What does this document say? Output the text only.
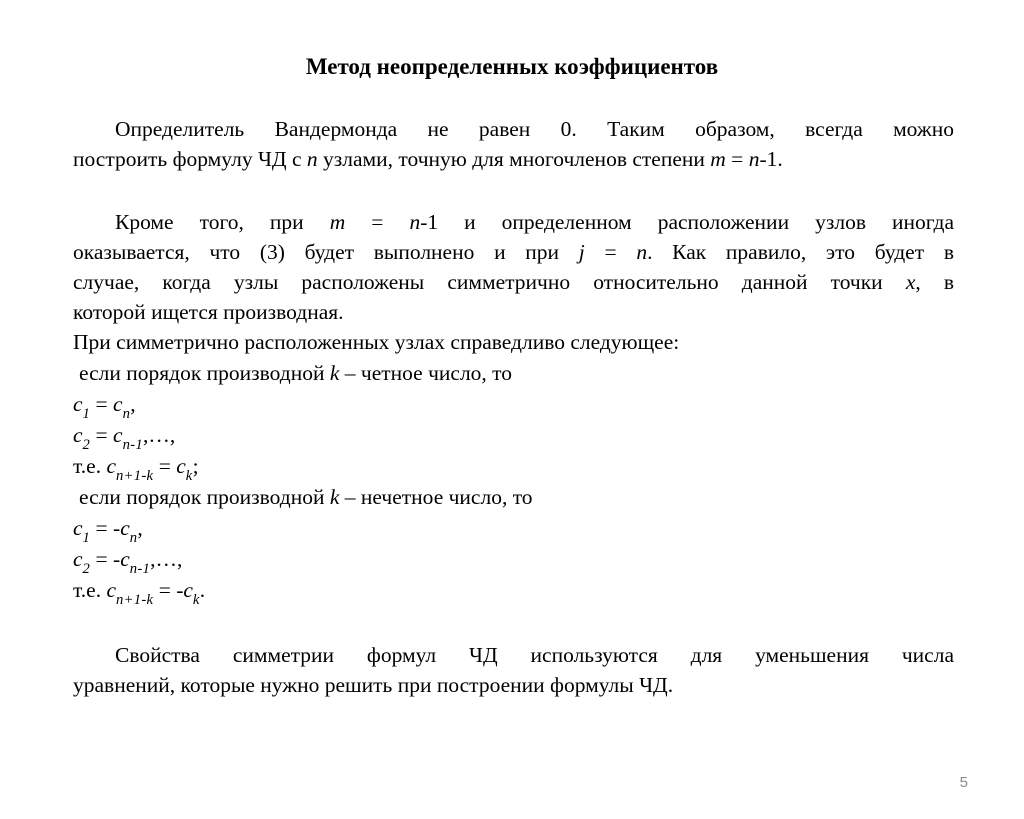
Метод неопределенных коэффициентов
Определитель Вандермонда не равен 0. Таким образом, всегда можно
построить формулу ЧД с n узлами, точную для многочленов степени m = n-1.
Кроме того, при m = n-1 и определенном расположении узлов иногда
оказывается, что (3) будет выполнено и при j = n. Как правило, это будет в
случае, когда узлы расположены симметрично относительно данной точки x, в
которой ищется производная.
При симметрично расположенных узлах справедливо следующее:
если порядок производной k – четное число, то
$c_1 = c_n$,
$c_2$ = $c_{n-1},\dots$,
т.е. $c_{n+1-k} = c_k$;
если порядок производной k – нечетное число, то
$c_1 = -c_n$,
$c_2$ = $-c_{n-1},\dots$,
т.е. $c_{n+1-k} = -c_k$.
Свойства симметрии формул ЧД используются для уменьшения числа
уравнений, которые нужно решить при построении формулы ЧД.
5
